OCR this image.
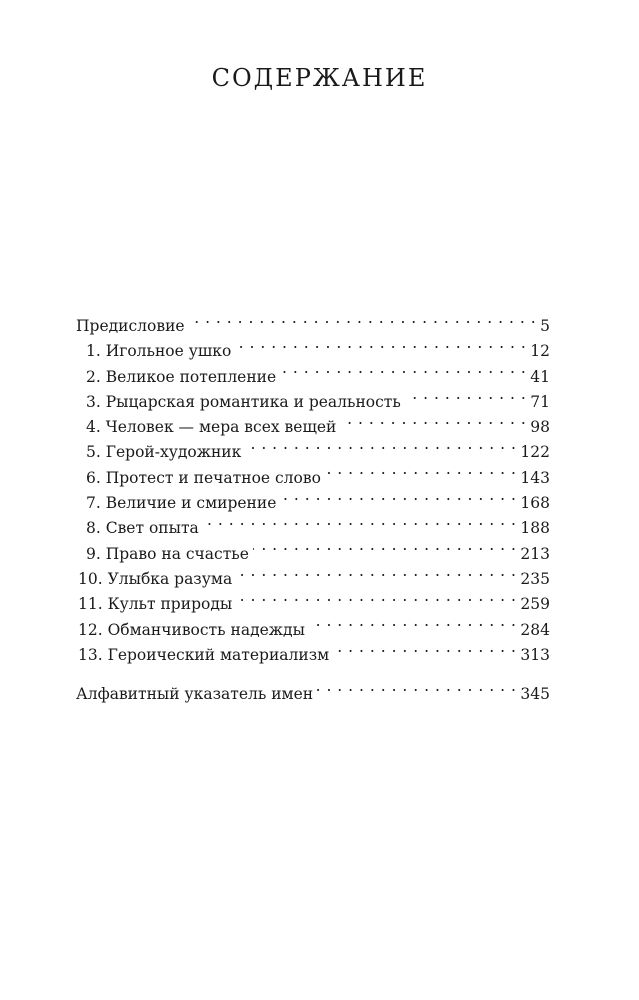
СОДЕРЖАНИЕ
Предисловие . . .	5
1. Игольное ушко . . .	12
2. Великое потепление . . .	41
3. Рыцарская романтика и реальность . . .	71
4. Человек — мера всех вещей . . .	98
5. Герой-художник . . .	122
6. Протест и печатное слово . . .	143
7. Величие и смирение . . .	168
8. Свет опыта . . .	188
9. Право на счастье . . .	213
10. Улыбка разума . . .	235
11. Культ природы . . .	259
12. Обманчивость надежды . . .	284
13. Героический материализм . . .	313
Алфавитный указатель имен . . .	345
